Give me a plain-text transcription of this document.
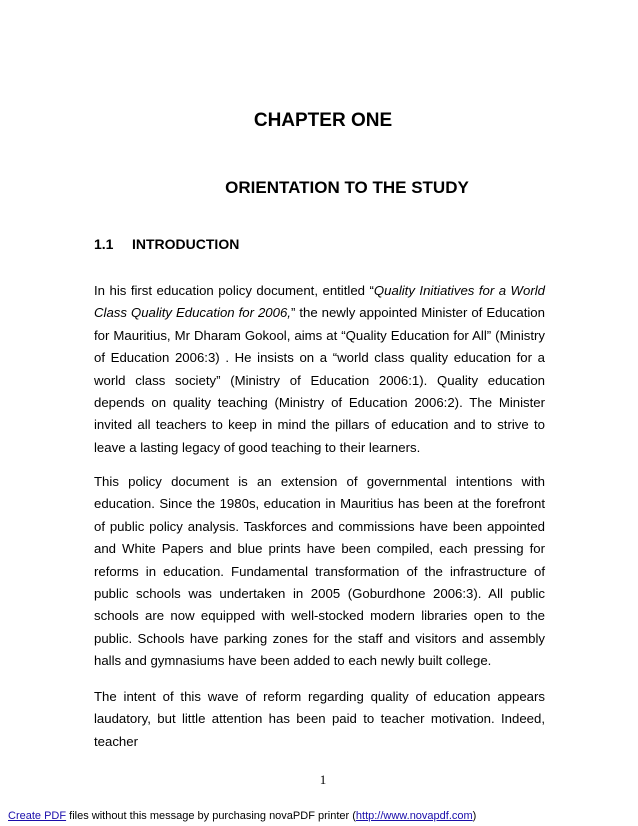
CHAPTER ONE
ORIENTATION TO THE STUDY
1.1 INTRODUCTION

In his first education policy document, entitled “Quality Initiatives for a World Class Quality Education for 2006,” the newly appointed Minister of Education for Mauritius, Mr Dharam Gokool, aims at “Quality Education for All” (Ministry of Education 2006:3) . He insists on a “world class quality education for a world class society” (Ministry of Education 2006:1). Quality education depends on quality teaching (Ministry of Education 2006:2). The Minister invited all teachers to keep in mind the pillars of education and to strive to leave a lasting legacy of good teaching to their learners.

This policy document is an extension of governmental intentions with education. Since the 1980s, education in Mauritius has been at the forefront of public policy analysis. Taskforces and commissions have been appointed and White Papers and blue prints have been compiled, each pressing for reforms in education. Fundamental transformation of the infrastructure of public schools was undertaken in 2005 (Goburdhone 2006:3). All public schools are now equipped with well-stocked modern libraries open to the public. Schools have parking zones for the staff and visitors and assembly halls and gymnasiums have been added to each newly built college.

The intent of this wave of reform regarding quality of education appears laudatory, but little attention has been paid to teacher motivation. Indeed, teacher

1
Create PDF files without this message by purchasing novaPDF printer (http://www.novapdf.com)
